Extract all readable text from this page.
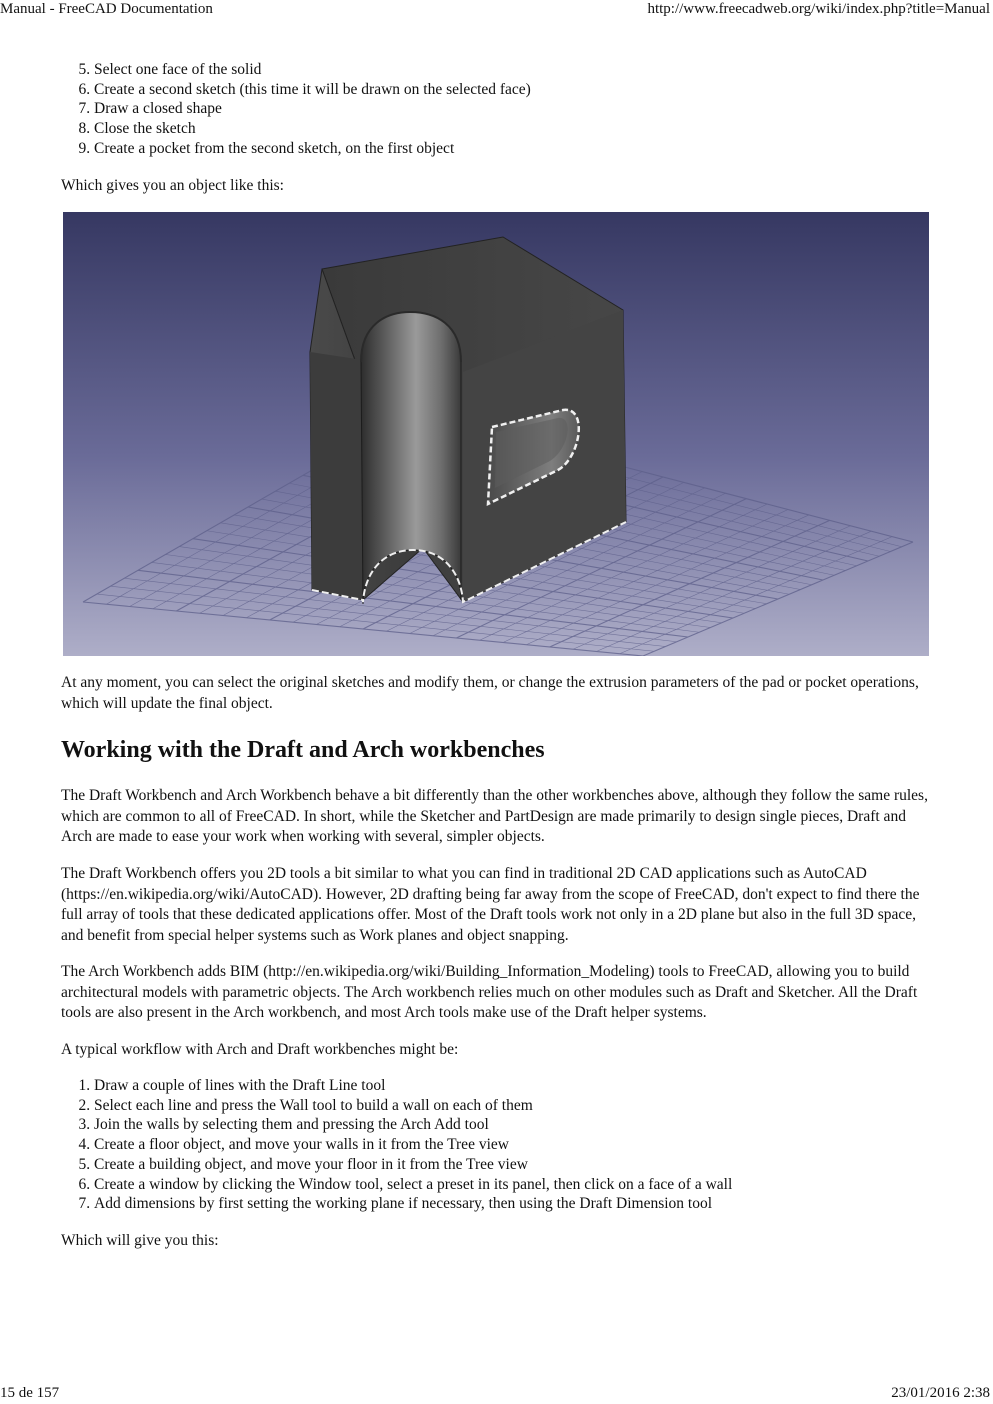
Manual - FreeCAD Documentation	http://www.freecadweb.org/wiki/index.php?title=Manual
5. Select one face of the solid
6. Create a second sketch (this time it will be drawn on the selected face)
7. Draw a closed shape
8. Close the sketch
9. Create a pocket from the second sketch, on the first object

Which gives you an object like this:

At any moment, you can select the original sketches and modify them, or change the extrusion parameters of the pad or pocket operations, which will update the final object.

Working with the Draft and Arch workbenches

The Draft Workbench and Arch Workbench behave a bit differently than the other workbenches above, although they follow the same rules, which are common to all of FreeCAD. In short, while the Sketcher and PartDesign are made primarily to design single pieces, Draft and Arch are made to ease your work when working with several, simpler objects.

The Draft Workbench offers you 2D tools a bit similar to what you can find in traditional 2D CAD applications such as AutoCAD (https://en.wikipedia.org/wiki/AutoCAD). However, 2D drafting being far away from the scope of FreeCAD, don't expect to find there the full array of tools that these dedicated applications offer. Most of the Draft tools work not only in a 2D plane but also in the full 3D space, and benefit from special helper systems such as Work planes and object snapping.

The Arch Workbench adds BIM (http://en.wikipedia.org/wiki/Building_Information_Modeling) tools to FreeCAD, allowing you to build architectural models with parametric objects. The Arch workbench relies much on other modules such as Draft and Sketcher. All the Draft tools are also present in the Arch workbench, and most Arch tools make use of the Draft helper systems.

A typical workflow with Arch and Draft workbenches might be:

1. Draw a couple of lines with the Draft Line tool
2. Select each line and press the Wall tool to build a wall on each of them
3. Join the walls by selecting them and pressing the Arch Add tool
4. Create a floor object, and move your walls in it from the Tree view
5. Create a building object, and move your floor in it from the Tree view
6. Create a window by clicking the Window tool, select a preset in its panel, then click on a face of a wall
7. Add dimensions by first setting the working plane if necessary, then using the Draft Dimension tool

Which will give you this:

15 de 157	23/01/2016 2:38
